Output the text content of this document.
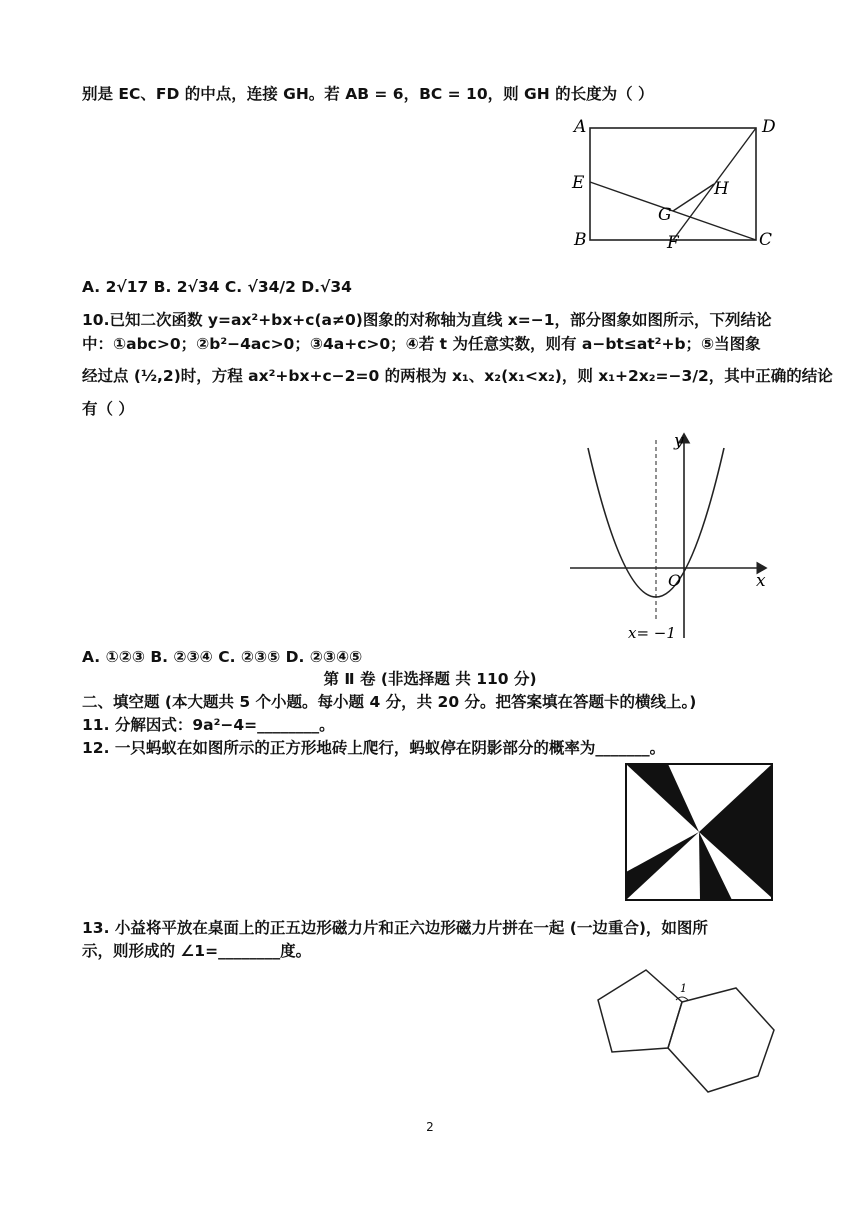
别是 EC、FD 的中点，连接 GH。若 AB = 6，BC = 10，则 GH 的长度为（ ）
A	D
E	H
G
B	F	C
A. 2√17 B. 2√34 C. √34/2 D.√34
10.已知二次函数 y=ax²+bx+c(a≠0)图象的对称轴为直线 x=−1，部分图象如图所示，下列结论
中：①abc>0；②b²−4ac>0；③4a+c>0；④若 t 为任意实数，则有 a−bt≤at²+b；⑤当图象
经过点 (½,2)时，方程 ax²+bx+c−2=0 的两根为 x₁、x₂(x₁<x₂)，则 x₁+2x₂=−3/2，其中正确的结论
有（ ）
y
x
O
x= −1
A. ①②③ B. ②③④ C. ②③⑤ D. ②③④⑤
第 Ⅱ 卷 (非选择题 共 110 分)
二、填空题 (本大题共 5 个小题。每小题 4 分，共 20 分。把答案填在答题卡的横线上。)
11. 分解因式：9a²−4=________。
12. 一只蚂蚁在如图所示的正方形地砖上爬行，蚂蚁停在阴影部分的概率为_______。
13. 小益将平放在桌面上的正五边形磁力片和正六边形磁力片拼在一起 (一边重合)，如图所
示，则形成的 ∠1=________度。
1
2
